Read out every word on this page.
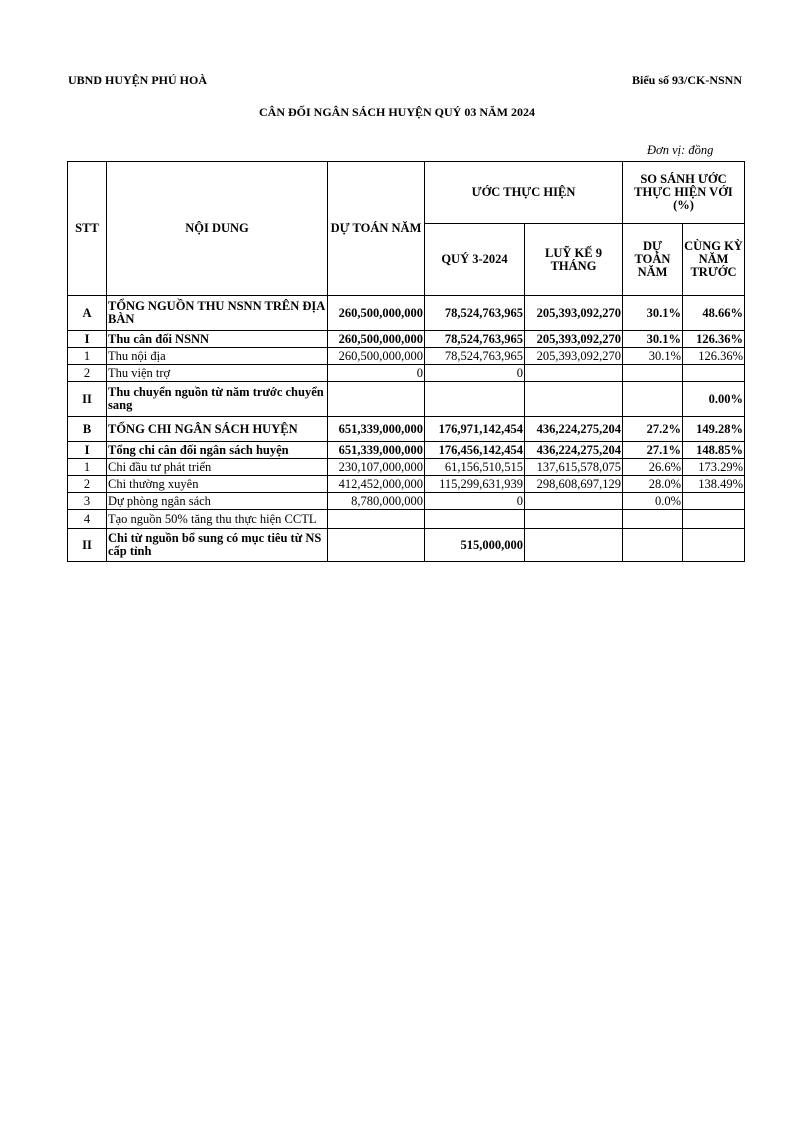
UBND HUYỆN PHÚ HOÀ	Biểu số 93/CK-NSNN
CÂN ĐỐI NGÂN SÁCH HUYỆN QUÝ 03 NĂM 2024
Đơn vị: đồng
STT	NỘI DUNG	DỰ TOÁN NĂM	ƯỚC THỰC HIỆN		SO SÁNH ƯỚC THỰC HIỆN VỚI (%)	
			QUÝ 3-2024	LUỸ KẾ 9 THÁNG	DỰ TOÁN NĂM	CÙNG KỲ NĂM TRƯỚC
A	TỔNG NGUỒN THU NSNN TRÊN ĐỊA BÀN	260,500,000,000	78,524,763,965	205,393,092,270	30.1%	48.66%
I	Thu cân đối NSNN	260,500,000,000	78,524,763,965	205,393,092,270	30.1%	126.36%
1	Thu nội địa	260,500,000,000	78,524,763,965	205,393,092,270	30.1%	126.36%
2	Thu viện trợ	0	0			
II	Thu chuyển nguồn từ năm trước chuyển sang					0.00%
B	TỔNG CHI NGÂN SÁCH HUYỆN	651,339,000,000	176,971,142,454	436,224,275,204	27.2%	149.28%
I	Tổng chi cân đối ngân sách huyện	651,339,000,000	176,456,142,454	436,224,275,204	27.1%	148.85%
1	Chi đầu tư phát triển	230,107,000,000	61,156,510,515	137,615,578,075	26.6%	173.29%
2	Chi thường xuyên	412,452,000,000	115,299,631,939	298,608,697,129	28.0%	138.49%
3	Dự phòng ngân sách	8,780,000,000	0		0.0%	
4	Tạo nguồn 50% tăng thu thực hiện CCTL					
II	Chi từ nguồn bổ sung có mục tiêu từ NS cấp tỉnh		515,000,000			
